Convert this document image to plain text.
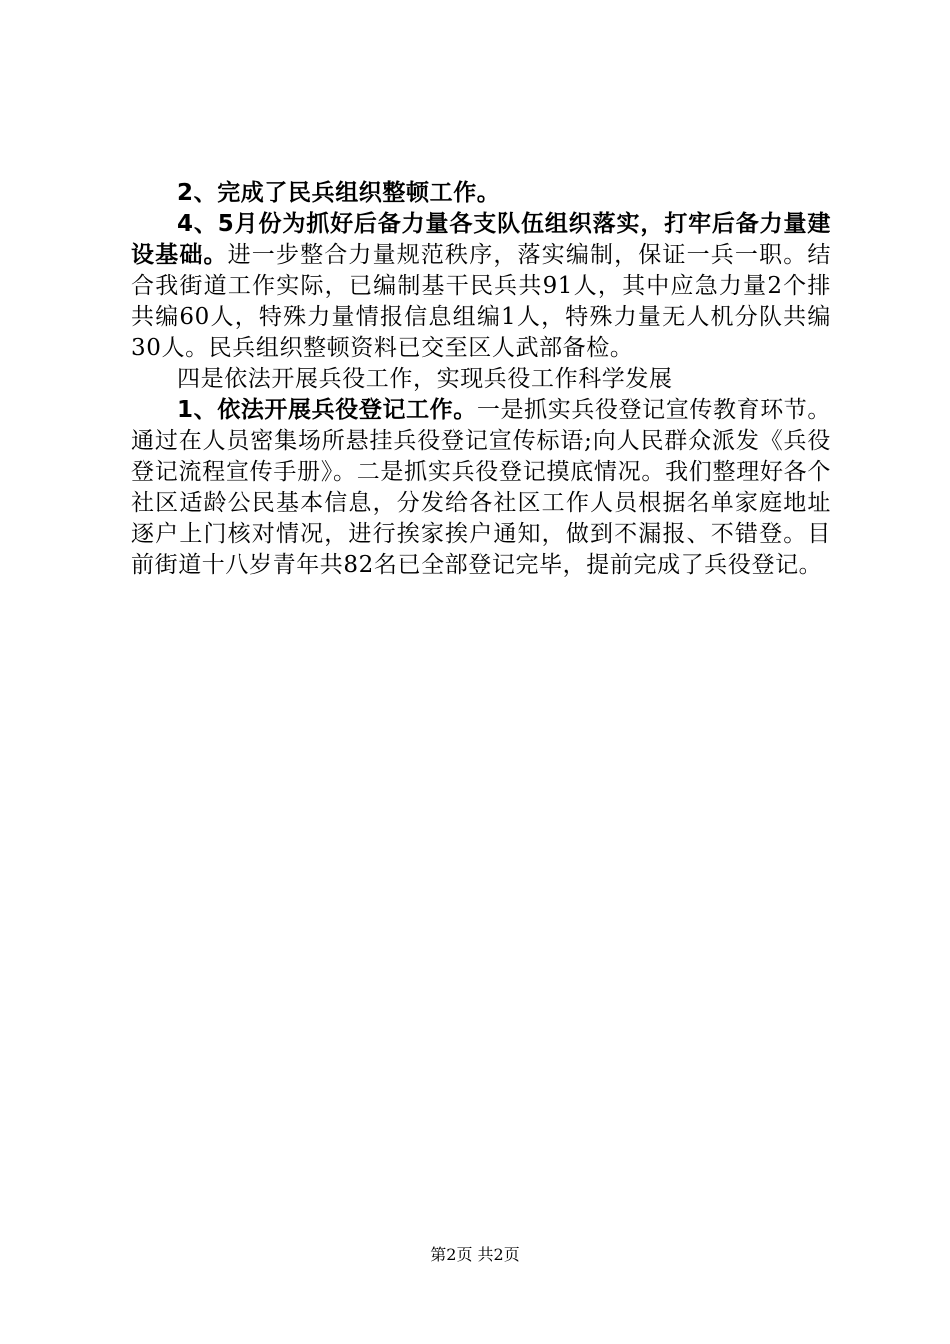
2、完成了民兵组织整顿工作。

4、5月份为抓好后备力量各支队伍组织落实，打牢后备力量建设基础。进一步整合力量规范秩序，落实编制，保证一兵一职。结合我街道工作实际，已编制基干民兵共91人，其中应急力量2个排共编60人，特殊力量情报信息组编1人，特殊力量无人机分队共编30人。民兵组织整顿资料已交至区人武部备检。

四是依法开展兵役工作，实现兵役工作科学发展

1、依法开展兵役登记工作。一是抓实兵役登记宣传教育环节。通过在人员密集场所悬挂兵役登记宣传标语;向人民群众派发《兵役登记流程宣传手册》。二是抓实兵役登记摸底情况。我们整理好各个社区适龄公民基本信息，分发给各社区工作人员根据名单家庭地址逐户上门核对情况，进行挨家挨户通知，做到不漏报、不错登。目前街道十八岁青年共82名已全部登记完毕，提前完成了兵役登记。

第2页 共2页
